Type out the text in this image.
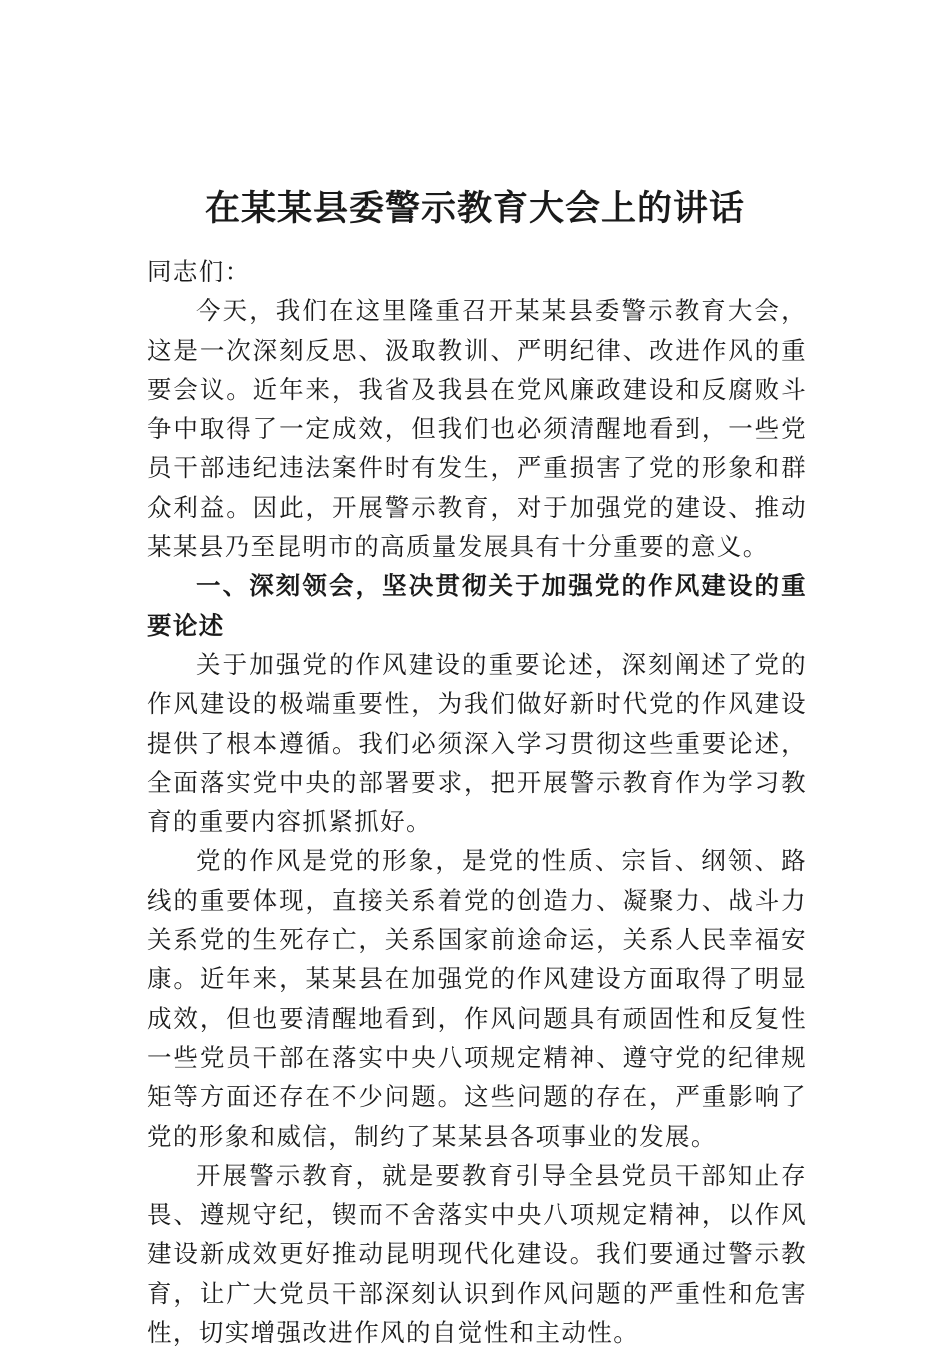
在某某县委警示教育大会上的讲话

同志们：

今天，我们在这里隆重召开某某县委警示教育大会，这是一次深刻反思、汲取教训、严明纪律、改进作风的重要会议。近年来，我省及我县在党风廉政建设和反腐败斗争中取得了一定成效，但我们也必须清醒地看到，一些党员干部违纪违法案件时有发生，严重损害了党的形象和群众利益。因此，开展警示教育，对于加强党的建设、推动某某县乃至昆明市的高质量发展具有十分重要的意义。

一、深刻领会，坚决贯彻关于加强党的作风建设的重要论述

关于加强党的作风建设的重要论述，深刻阐述了党的作风建设的极端重要性，为我们做好新时代党的作风建设提供了根本遵循。我们必须深入学习贯彻这些重要论述，全面落实党中央的部署要求，把开展警示教育作为学习教育的重要内容抓紧抓好。

党的作风是党的形象，是党的性质、宗旨、纲领、路线的重要体现，直接关系着党的创造力、凝聚力、战斗力关系党的生死存亡，关系国家前途命运，关系人民幸福安康。近年来，某某县在加强党的作风建设方面取得了明显成效，但也要清醒地看到，作风问题具有顽固性和反复性一些党员干部在落实中央八项规定精神、遵守党的纪律规矩等方面还存在不少问题。这些问题的存在，严重影响了党的形象和威信，制约了某某县各项事业的发展。

开展警示教育，就是要教育引导全县党员干部知止存畏、遵规守纪，锲而不舍落实中央八项规定精神，以作风建设新成效更好推动昆明现代化建设。我们要通过警示教育，让广大党员干部深刻认识到作风问题的严重性和危害性，切实增强改进作风的自觉性和主动性。
